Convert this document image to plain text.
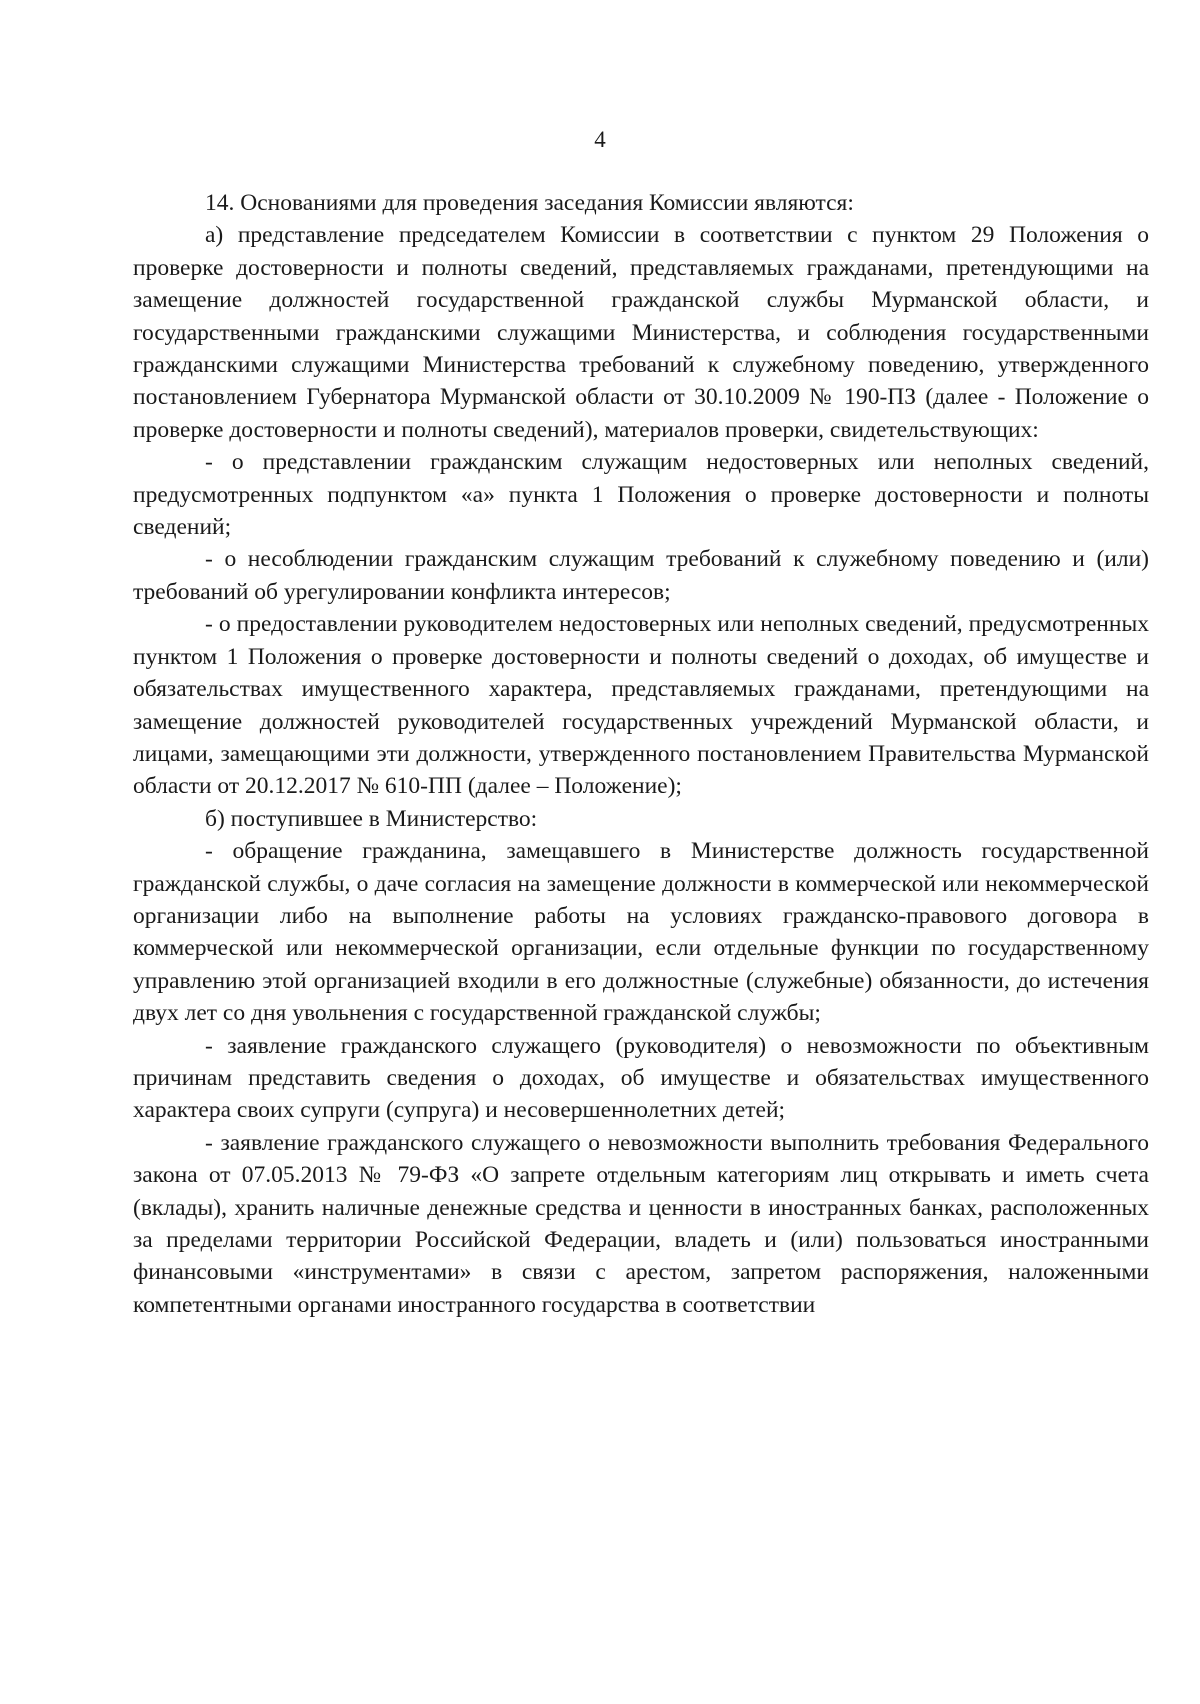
4

14. Основаниями для проведения заседания Комиссии являются:

а) представление председателем Комиссии в соответствии с пунктом 29 Положения о проверке достоверности и полноты сведений, представляемых гражданами, претендующими на замещение должностей государственной гражданской службы Мурманской области, и государственными гражданскими служащими Министерства, и соблюдения государственными гражданскими служащими Министерства требований к служебному поведению, утвержденного постановлением Губернатора Мурманской области от 30.10.2009 № 190-ПЗ (далее - Положение о проверке достоверности и полноты сведений), материалов проверки, свидетельствующих:

- о представлении гражданским служащим недостоверных или неполных сведений, предусмотренных подпунктом «а» пункта 1 Положения о проверке достоверности и полноты сведений;

- о несоблюдении гражданским служащим требований к служебному поведению и (или) требований об урегулировании конфликта интересов;

- о предоставлении руководителем недостоверных или неполных сведений, предусмотренных пунктом 1 Положения о проверке достоверности и полноты сведений о доходах, об имуществе и обязательствах имущественного характера, представляемых гражданами, претендующими на замещение должностей руководителей государственных учреждений Мурманской области, и лицами, замещающими эти должности, утвержденного постановлением Правительства Мурманской области от 20.12.2017 № 610-ПП (далее – Положение);

б) поступившее в Министерство:

- обращение гражданина, замещавшего в Министерстве должность государственной гражданской службы, о даче согласия на замещение должности в коммерческой или некоммерческой организации либо на выполнение работы на условиях гражданско-правового договора в коммерческой или некоммерческой организации, если отдельные функции по государственному управлению этой организацией входили в его должностные (служебные) обязанности, до истечения двух лет со дня увольнения с государственной гражданской службы;

- заявление гражданского служащего (руководителя) о невозможности по объективным причинам представить сведения о доходах, об имуществе и обязательствах имущественного характера своих супруги (супруга) и несовершеннолетних детей;

- заявление гражданского служащего о невозможности выполнить требования Федерального закона от 07.05.2013 № 79-ФЗ «О запрете отдельным категориям лиц открывать и иметь счета (вклады), хранить наличные денежные средства и ценности в иностранных банках, расположенных за пределами территории Российской Федерации, владеть и (или) пользоваться иностранными финансовыми «инструментами» в связи с арестом, запретом распоряжения, наложенными компетентными органами иностранного государства в соответствии
